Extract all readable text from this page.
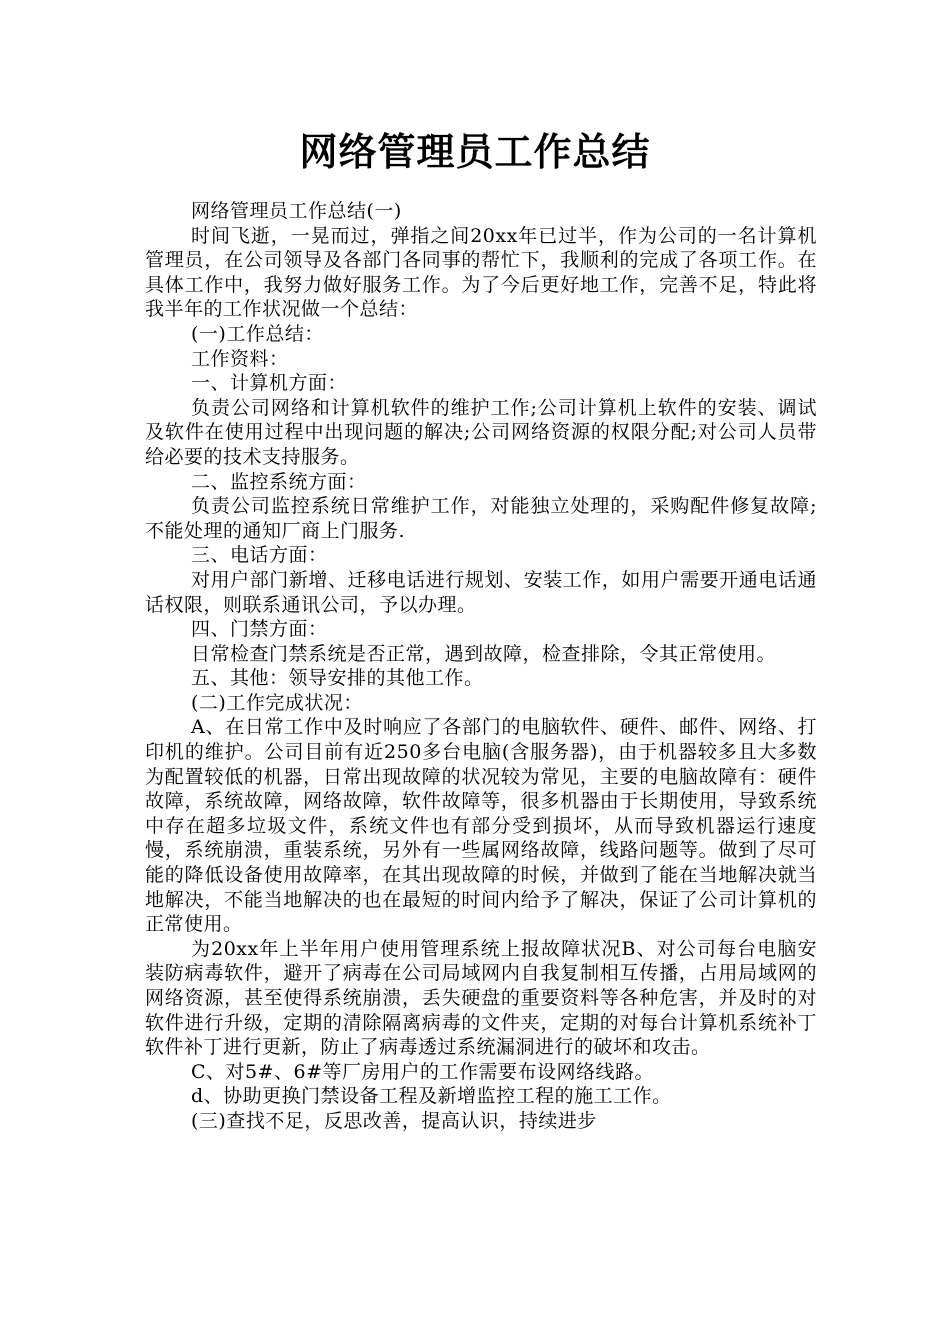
网络管理员工作总结

网络管理员工作总结(一)

时间飞逝，一晃而过，弹指之间20xx年已过半，作为公司的一名计算机管理员，在公司领导及各部门各同事的帮忙下，我顺利的完成了各项工作。在具体工作中，我努力做好服务工作。为了今后更好地工作，完善不足，特此将我半年的工作状况做一个总结：

(一)工作总结：

工作资料：

一、计算机方面：

负责公司网络和计算机软件的维护工作;公司计算机上软件的安装、调试及软件在使用过程中出现问题的解决;公司网络资源的权限分配;对公司人员带给必要的技术支持服务。

二、监控系统方面：

负责公司监控系统日常维护工作，对能独立处理的，采购配件修复故障;不能处理的通知厂商上门服务.

三、电话方面：

对用户部门新增、迁移电话进行规划、安装工作，如用户需要开通电话通话权限，则联系通讯公司，予以办理。

四、门禁方面：

日常检查门禁系统是否正常，遇到故障，检查排除，令其正常使用。

五、其他：领导安排的其他工作。

(二)工作完成状况：

A、在日常工作中及时响应了各部门的电脑软件、硬件、邮件、网络、打印机的维护。公司目前有近250多台电脑(含服务器)，由于机器较多且大多数为配置较低的机器，日常出现故障的状况较为常见，主要的电脑故障有：硬件故障，系统故障，网络故障，软件故障等，很多机器由于长期使用，导致系统中存在超多垃圾文件，系统文件也有部分受到损坏，从而导致机器运行速度慢，系统崩溃，重装系统，另外有一些属网络故障，线路问题等。做到了尽可能的降低设备使用故障率，在其出现故障的时候，并做到了能在当地解决就当地解决，不能当地解决的也在最短的时间内给予了解决，保证了公司计算机的正常使用。

为20xx年上半年用户使用管理系统上报故障状况B、对公司每台电脑安装防病毒软件，避开了病毒在公司局域网内自我复制相互传播，占用局域网的网络资源，甚至使得系统崩溃，丢失硬盘的重要资料等各种危害，并及时的对软件进行升级，定期的清除隔离病毒的文件夹，定期的对每台计算机系统补丁软件补丁进行更新，防止了病毒透过系统漏洞进行的破坏和攻击。

C、对5#、6#等厂房用户的工作需要布设网络线路。

d、协助更换门禁设备工程及新增监控工程的施工工作。

(三)查找不足，反思改善，提高认识，持续进步
